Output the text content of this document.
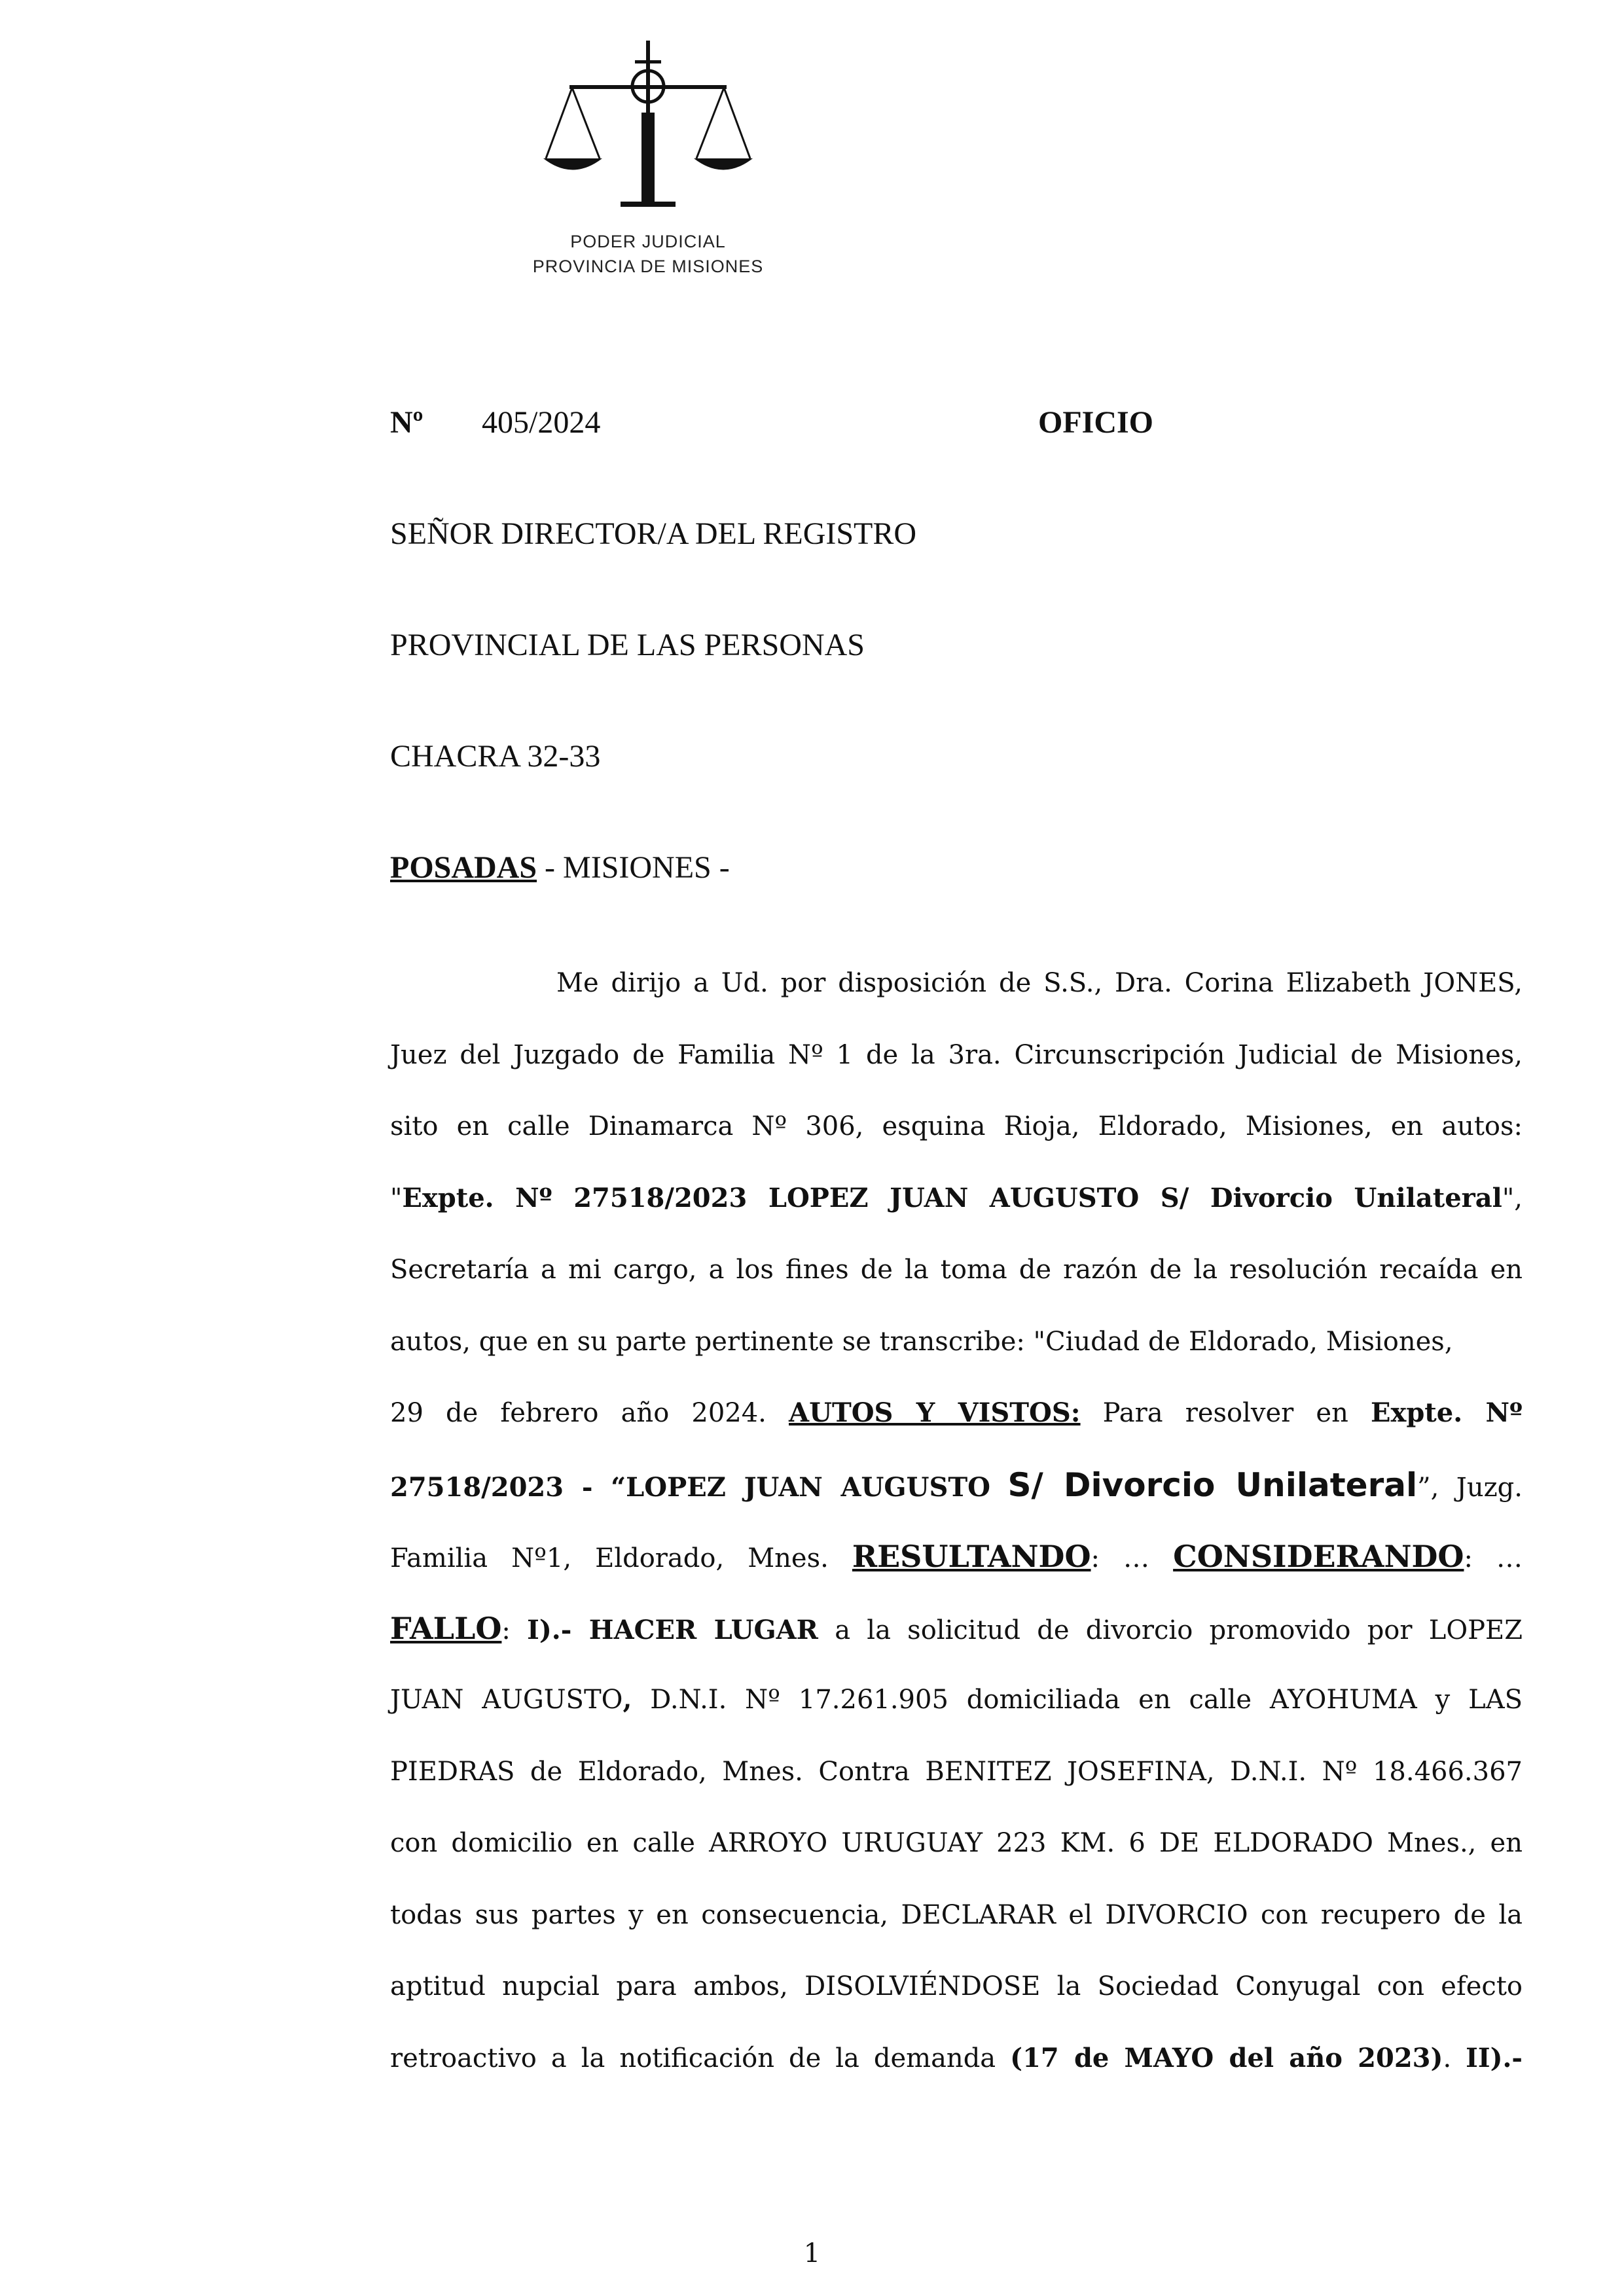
PODER JUDICIAL
PROVINCIA DE MISIONES
Nº 405/2024	OFICIO
SEÑOR DIRECTOR/A DEL REGISTRO
PROVINCIAL DE LAS PERSONAS
CHACRA 32-33
POSADAS - MISIONES -
Me dirijo a Ud. por disposición de S.S., Dra. Corina Elizabeth JONES,
Juez del Juzgado de Familia Nº 1 de la 3ra. Circunscripción Judicial de Misiones,
sito en calle Dinamarca Nº 306, esquina Rioja, Eldorado, Misiones, en autos:
"Expte. Nº 27518/2023 LOPEZ JUAN AUGUSTO S/ Divorcio Unilateral",
Secretaría a mi cargo, a los fines de la toma de razón de la resolución recaída en
autos, que en su parte pertinente se transcribe: "Ciudad de Eldorado, Misiones,
29 de febrero año 2024. AUTOS Y VISTOS: Para resolver en Expte. Nº
27518/2023 - “LOPEZ JUAN AUGUSTO S/ Divorcio Unilateral”, Juzg.
Familia Nº1, Eldorado, Mnes. RESULTANDO: … CONSIDERANDO: …
FALLO: I).- HACER LUGAR a la solicitud de divorcio promovido por LOPEZ
JUAN AUGUSTO, D.N.I. Nº 17.261.905 domiciliada en calle AYOHUMA y LAS
PIEDRAS de Eldorado, Mnes. Contra BENITEZ JOSEFINA, D.N.I. Nº 18.466.367
con domicilio en calle ARROYO URUGUAY 223 KM. 6 DE ELDORADO Mnes., en
todas sus partes y en consecuencia, DECLARAR el DIVORCIO con recupero de la
aptitud nupcial para ambos, DISOLVIÉNDOSE la Sociedad Conyugal con efecto
retroactivo a la notificación de la demanda (17 de MAYO del año 2023). II).-
1
